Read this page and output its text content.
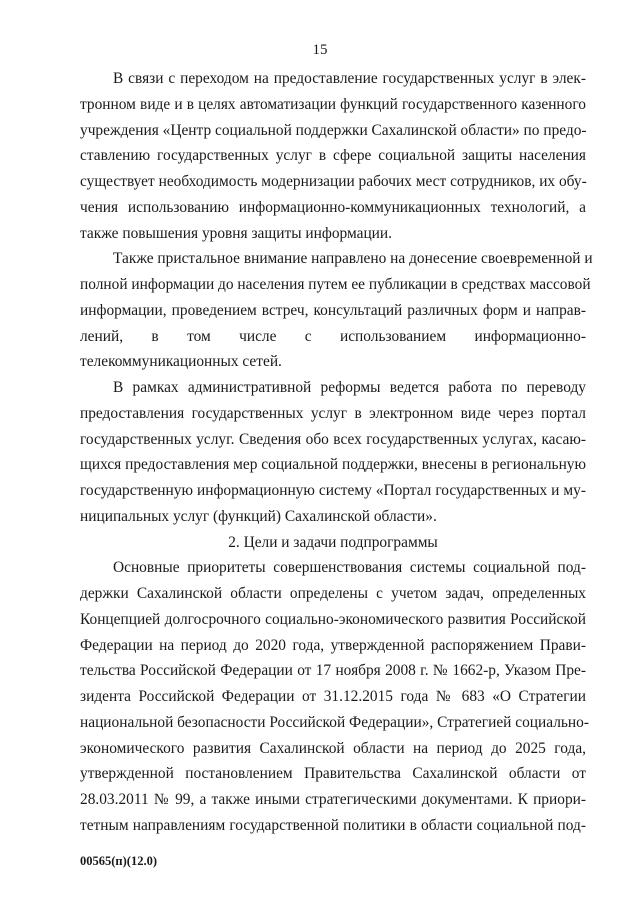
15
В связи с переходом на предоставление государственных услуг в элек-
тронном виде и в целях автоматизации функций государственного казенного
учреждения «Центр социальной поддержки Сахалинской области» по предо-
ставлению государственных услуг в сфере социальной защиты населения
существует необходимость модернизации рабочих мест сотрудников, их обу-
чения использованию информационно-коммуникационных технологий, а
также повышения уровня защиты информации.
Также пристальное внимание направлено на донесение своевременной и
полной информации до населения путем ее публикации в средствах массовой
информации, проведением встреч, консультаций различных форм и направ-
лений, в том числе с использованием информационно-
телекоммуникационных сетей.
В рамках административной реформы ведется работа по переводу
предоставления государственных услуг в электронном виде через портал
государственных услуг. Сведения обо всех государственных услугах, касаю-
щихся предоставления мер социальной поддержки, внесены в региональную
государственную информационную систему «Портал государственных и му-
ниципальных услуг (функций) Сахалинской области».
2. Цели и задачи подпрограммы
Основные приоритеты совершенствования системы социальной под-
держки Сахалинской области определены с учетом задач, определенных
Концепцией долгосрочного социально-экономического развития Российской
Федерации на период до 2020 года, утвержденной распоряжением Прави-
тельства Российской Федерации от 17 ноября 2008 г. № 1662-р, Указом Пре-
зидента Российской Федерации от 31.12.2015 года № 683 «О Стратегии
национальной безопасности Российской Федерации», Стратегией социально-
экономического развития Сахалинской области на период до 2025 года,
утвержденной постановлением Правительства Сахалинской области от
28.03.2011 № 99, а также иными стратегическими документами. К приори-
тетным направлениям государственной политики в области социальной под-
00565(п)(12.0)
